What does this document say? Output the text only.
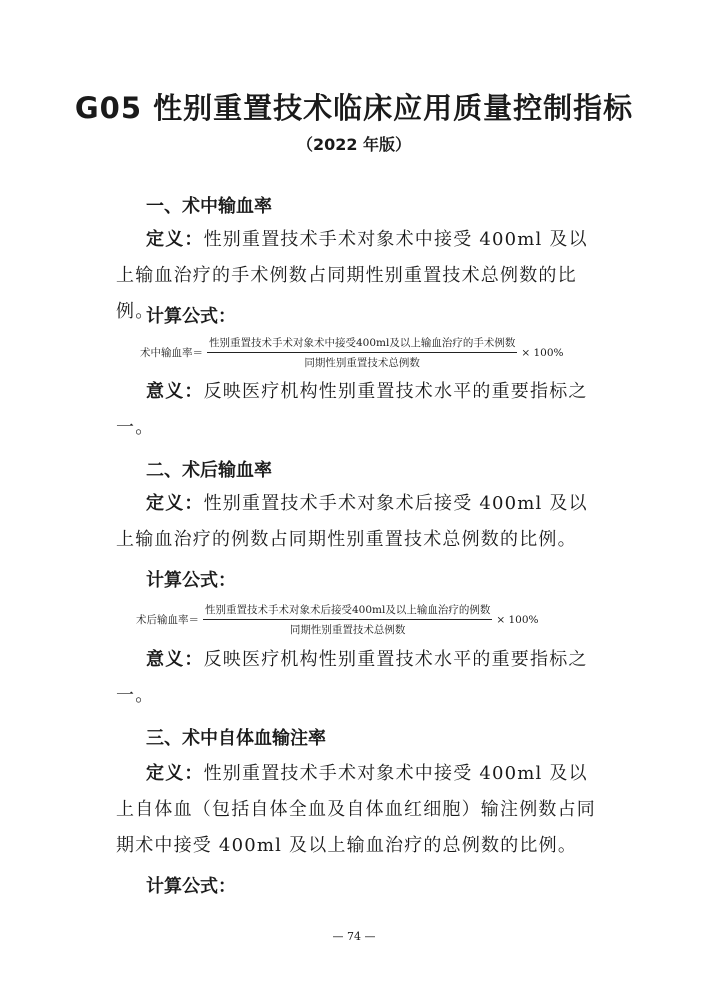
G05 性别重置技术临床应用质量控制指标
（2022 年版）
一、术中输血率
定义：性别重置技术手术对象术中接受 400ml 及以上输血治疗的手术例数占同期性别重置技术总例数的比例。
计算公式：
术中输血率＝ $\frac{\text{性别重置技术手术对象术中接受400ml及以上输血治疗的手术例数}}{\text{同期性别重置技术总例数}} \times 100\%$
意义：反映医疗机构性别重置技术水平的重要指标之一。
二、术后输血率
定义：性别重置技术手术对象术后接受 400ml 及以上输血治疗的例数占同期性别重置技术总例数的比例。
计算公式：
术后输血率＝ $\frac{\text{性别重置技术手术对象术后接受400ml及以上输血治疗的例数}}{\text{同期性别重置技术总例数}} \times 100\%$
意义：反映医疗机构性别重置技术水平的重要指标之一。
三、术中自体血输注率
定义：性别重置技术手术对象术中接受 400ml 及以上自体血（包括自体全血及自体血红细胞）输注例数占同期术中接受 400ml 及以上输血治疗的总例数的比例。
计算公式：
— 74 —
